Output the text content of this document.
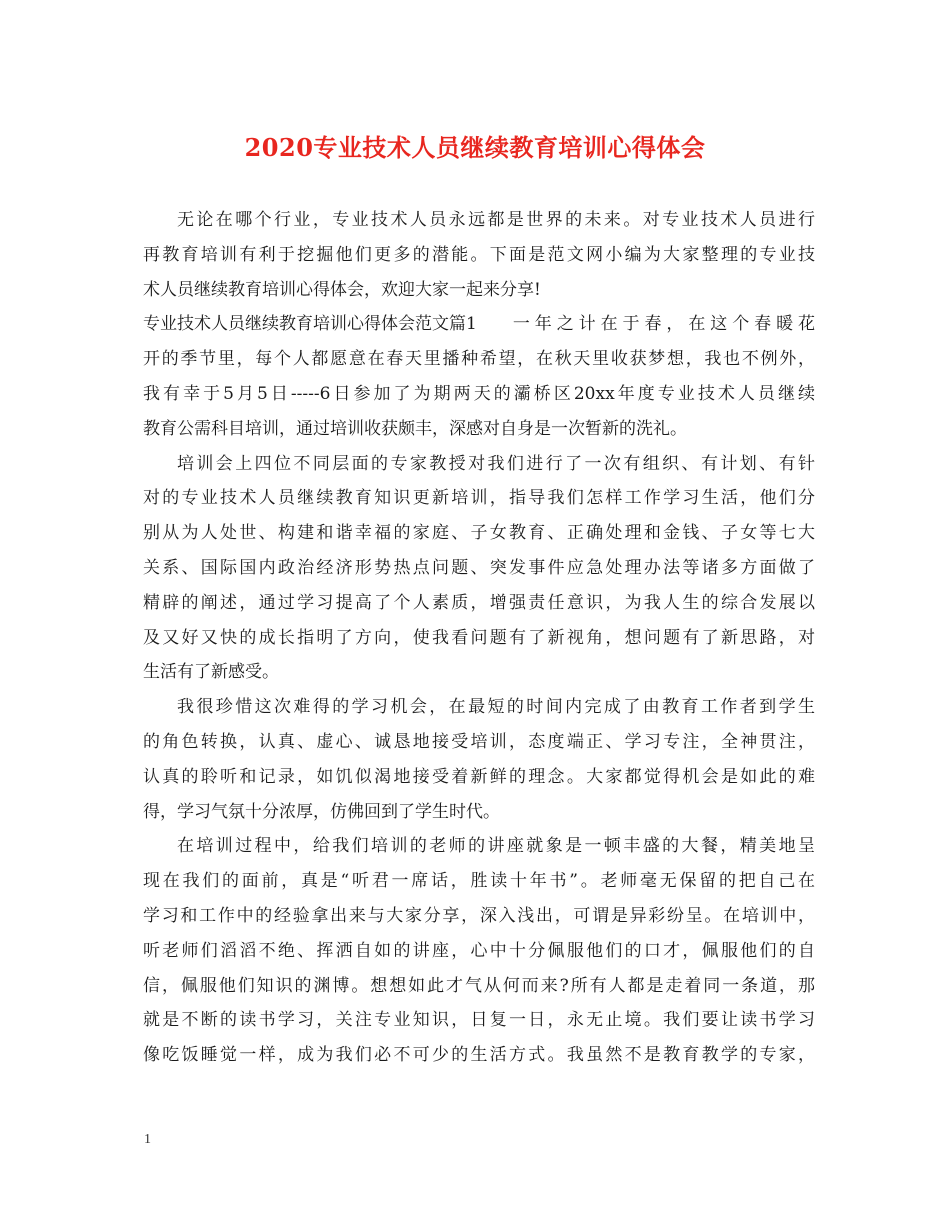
2020专业技术人员继续教育培训心得体会
无论在哪个行业，专业技术人员永远都是世界的未来。对专业技术人员进行
再教育培训有利于挖掘他们更多的潜能。下面是范文网小编为大家整理的专业技
术人员继续教育培训心得体会，欢迎大家一起来分享!
专业技术人员继续教育培训心得体会范文篇1	一年之计在于春，在这个春暖花
开的季节里，每个人都愿意在春天里播种希望，在秋天里收获梦想，我也不例外，
我有幸于5月5日-----6日参加了为期两天的灞桥区20xx年度专业技术人员继续
教育公需科目培训，通过培训收获颇丰，深感对自身是一次暂新的洗礼。
培训会上四位不同层面的专家教授对我们进行了一次有组织、有计划、有针
对的专业技术人员继续教育知识更新培训，指导我们怎样工作学习生活，他们分
别从为人处世、构建和谐幸福的家庭、子女教育、正确处理和金钱、子女等七大
关系、国际国内政治经济形势热点问题、突发事件应急处理办法等诸多方面做了
精辟的阐述，通过学习提高了个人素质，增强责任意识，为我人生的综合发展以
及又好又快的成长指明了方向，使我看问题有了新视角，想问题有了新思路，对
生活有了新感受。
我很珍惜这次难得的学习机会，在最短的时间内完成了由教育工作者到学生
的角色转换，认真、虚心、诚恳地接受培训，态度端正、学习专注，全神贯注，
认真的聆听和记录，如饥似渴地接受着新鲜的理念。大家都觉得机会是如此的难
得，学习气氛十分浓厚，仿佛回到了学生时代。
在培训过程中，给我们培训的老师的讲座就象是一顿丰盛的大餐，精美地呈
现在我们的面前，真是“听君一席话，胜读十年书”。老师毫无保留的把自己在
学习和工作中的经验拿出来与大家分享，深入浅出，可谓是异彩纷呈。在培训中，
听老师们滔滔不绝、挥洒自如的讲座，心中十分佩服他们的口才，佩服他们的自
信，佩服他们知识的渊博。想想如此才气从何而来?所有人都是走着同一条道，那
就是不断的读书学习，关注专业知识，日复一日，永无止境。我们要让读书学习
像吃饭睡觉一样，成为我们必不可少的生活方式。我虽然不是教育教学的专家，
1
